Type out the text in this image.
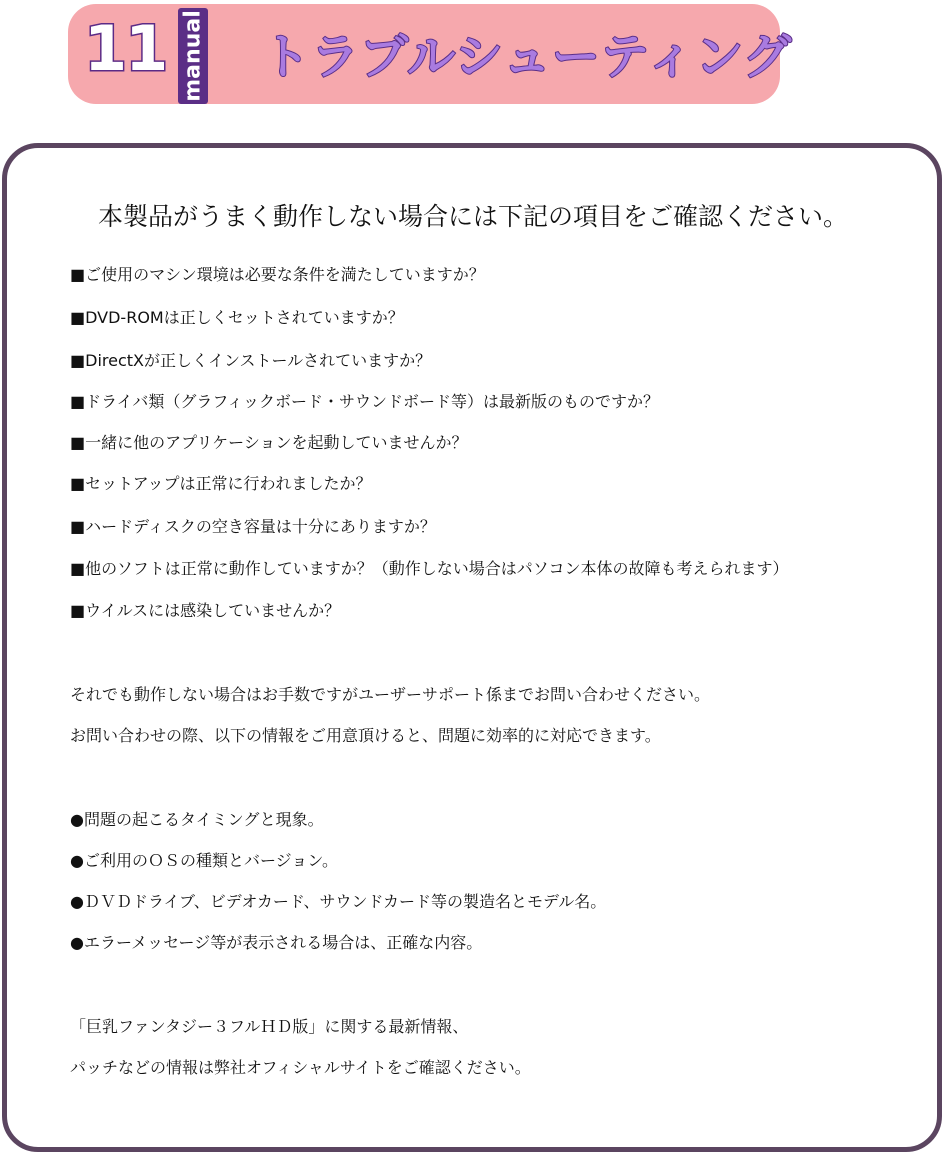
11 manual トラブルシューティング
本製品がうまく動作しない場合には下記の項目をご確認ください。
■ご使用のマシン環境は必要な条件を満たしていますか？
■DVD-ROMは正しくセットされていますか？
■DirectXが正しくインストールされていますか？
■ドライバ類（グラフィックボード・サウンドボード等）は最新版のものですか？
■一緒に他のアプリケーションを起動していませんか？
■セットアップは正常に行われましたか？
■ハードディスクの空き容量は十分にありますか？
■他のソフトは正常に動作していますか？（動作しない場合はパソコン本体の故障も考えられます）
■ウイルスには感染していませんか？
それでも動作しない場合はお手数ですがユーザーサポート係までお問い合わせください。
お問い合わせの際、以下の情報をご用意頂けると、問題に効率的に対応できます。
●問題の起こるタイミングと現象。
●ご利用のＯＳの種類とバージョン。
●ＤＶＤドライブ、ビデオカード、サウンドカード等の製造名とモデル名。
●エラーメッセージ等が表示される場合は、正確な内容。
「巨乳ファンタジー３フルＨＤ版」に関する最新情報、
パッチなどの情報は弊社オフィシャルサイトをご確認ください。
